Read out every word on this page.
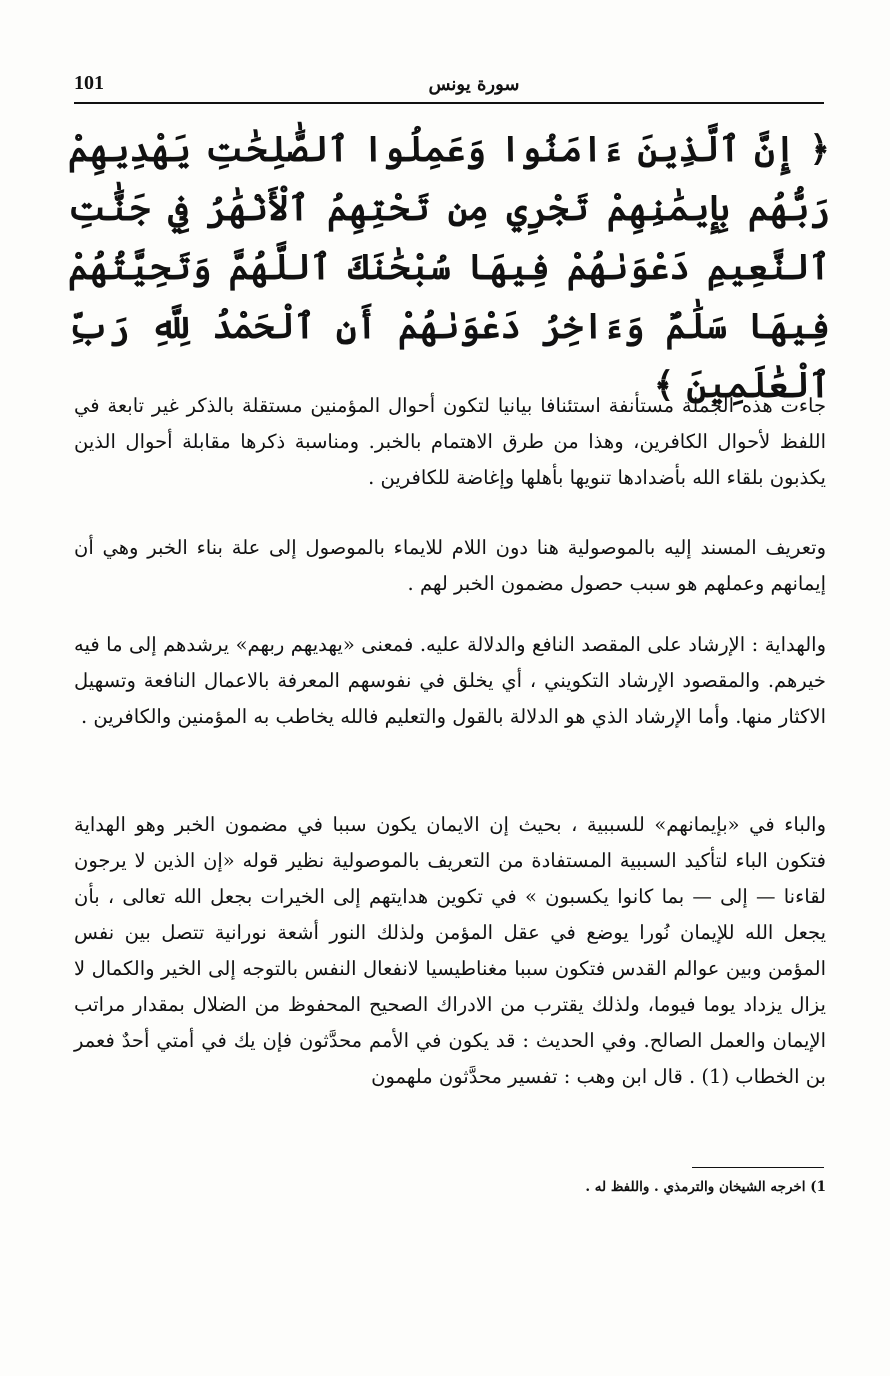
101	سورة يونس
﴿ إِنَّ ٱلَّذِينَ ءَامَنُوا وَعَمِلُوا ٱلصَّٰلِحَٰتِ يَهْدِيهِمْ رَبُّهُم بِإِيمَٰنِهِمْ تَجْرِي مِن تَحْتِهِمُ ٱلْأَنْهَٰرُ فِي جَنَّٰتِ ٱلنَّعِيمِ دَعْوَىٰهُمْ فِيهَا سُبْحَٰنَكَ ٱللَّهُمَّ وَتَحِيَّتُهُمْ فِيهَا سَلَٰمٌ وَءَاخِرُ دَعْوَىٰهُمْ أَنِ ٱلْحَمْدُ لِلَّهِ رَبِّ ٱلْعَٰلَمِينَ ﴾
جاءت هذه الجملة مستأنفة استئنافا بيانيا لتكون أحوال المؤمنين مستقلة بالذكر غير تابعة في اللفظ لأحوال الكافرين، وهذا من طرق الاهتمام بالخبر. ومناسبة ذكرها مقابلة أحوال الذين يكذبون بلقاء الله بأضدادها تنويها بأهلها وإغاضة للكافرين .
وتعريف المسند إليه بالموصولية هنا دون اللام للايماء بالموصول إلى علة بناء الخبر وهي أن إيمانهم وعملهم هو سبب حصول مضمون الخبر لهم .
والهداية : الإرشاد على المقصد النافع والدلالة عليه. فمعنى «يهديهم ربهم» يرشدهم إلى ما فيه خيرهم. والمقصود الإرشاد التكويني ، أي يخلق في نفوسهم المعرفة بالاعمال النافعة وتسهيل الاكثار منها. وأما الإرشاد الذي هو الدلالة بالقول والتعليم فالله يخاطب به المؤمنين والكافرين .
والباء في «بإيمانهم» للسببية ، بحيث إن الايمان يكون سببا في مضمون الخبر وهو الهداية فتكون الباء لتأكيد السببية المستفادة من التعريف بالموصولية نظير قوله «إن الذين لا يرجون لقاءنا — إلى — بما كانوا يكسبون » في تكوين هدايتهم إلى الخيرات بجعل الله تعالى ، بأن يجعل الله للإيمان نُورا يوضع في عقل المؤمن ولذلك النور أشعة نورانية تتصل بين نفس المؤمن وبين عوالم القدس فتكون سببا مغناطيسيا لانفعال النفس بالتوجه إلى الخير والكمال لا يزال يزداد يوما فيوما، ولذلك يقترب من الادراك الصحيح المحفوظ من الضلال بمقدار مراتب الإيمان والعمل الصالح. وفي الحديث : قد يكون في الأمم محدَّثون فإن يك في أمتي أحدٌ فعمر بن الخطاب (1) . قال ابن وهب : تفسير محدَّثون ملهمون
1) اخرجه الشيخان والترمذي . واللفظ له .
